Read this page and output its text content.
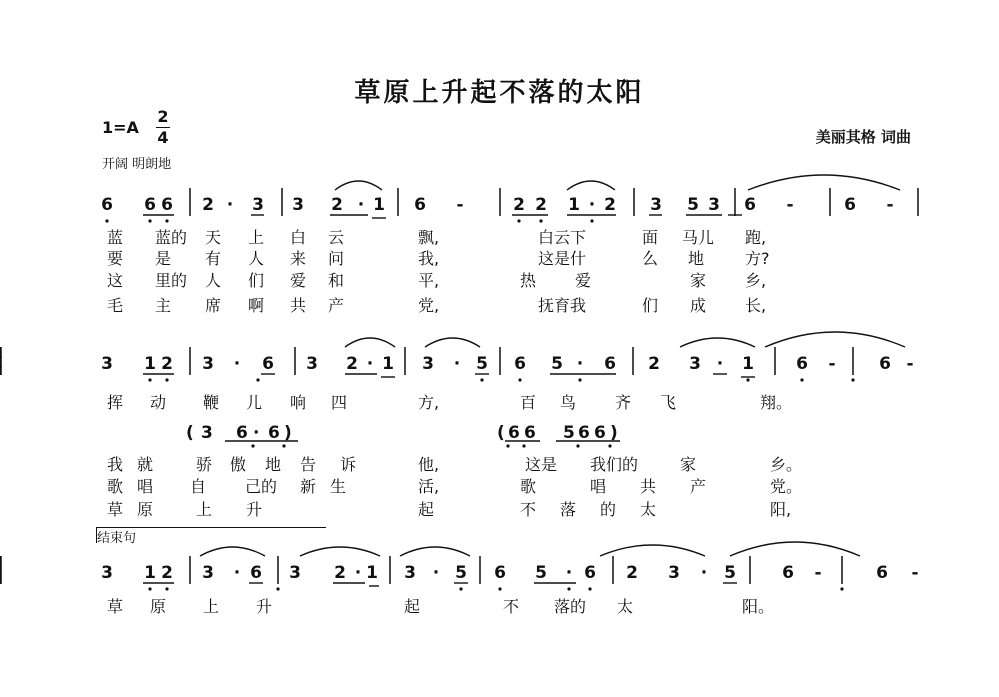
草原上升起不落的太阳
美丽其格 词曲
1=A
2
4
开阔 明朗地
结束句
( 3 6 · 6 )	( 6 6 5 6 6 )
6 6 6 2 · 3 3 2 · 1 6 -	2 2 1 · 2 3 5 3 6 -	6 -
3 1 2 3 · 6 3 2 · 1 3 · 5 6 5 · 6 2 3 · 1 6 -	6 -
3 1 2 3 · 6 3 2 · 1 3 · 5 6 5 · 6 2 3 · 5	6 -	6 -
蓝 蓝的 天 上 白 云	飘,	白云下	面 马儿 跑,
要 是 有 人 来 问	我,	这是什	么 地	方?
这 里的 人 们 爱 和	平,	热 爱	家 乡,
毛 主 席 啊 共 产	党,	抚育我	们 成 长,
挥 动 鞭 儿 响 四	方,	百 鸟 齐 飞	翔。
我 就	骄 傲 地 告 诉	他,	这是 我们的	家	乡。
歌 唱 自 己的 新 生	活,	歌	唱 共 产	党。
草 原	上 升	起	不 落 的 太	阳,
草 原 上 升	起	不 落的 太	阳。
